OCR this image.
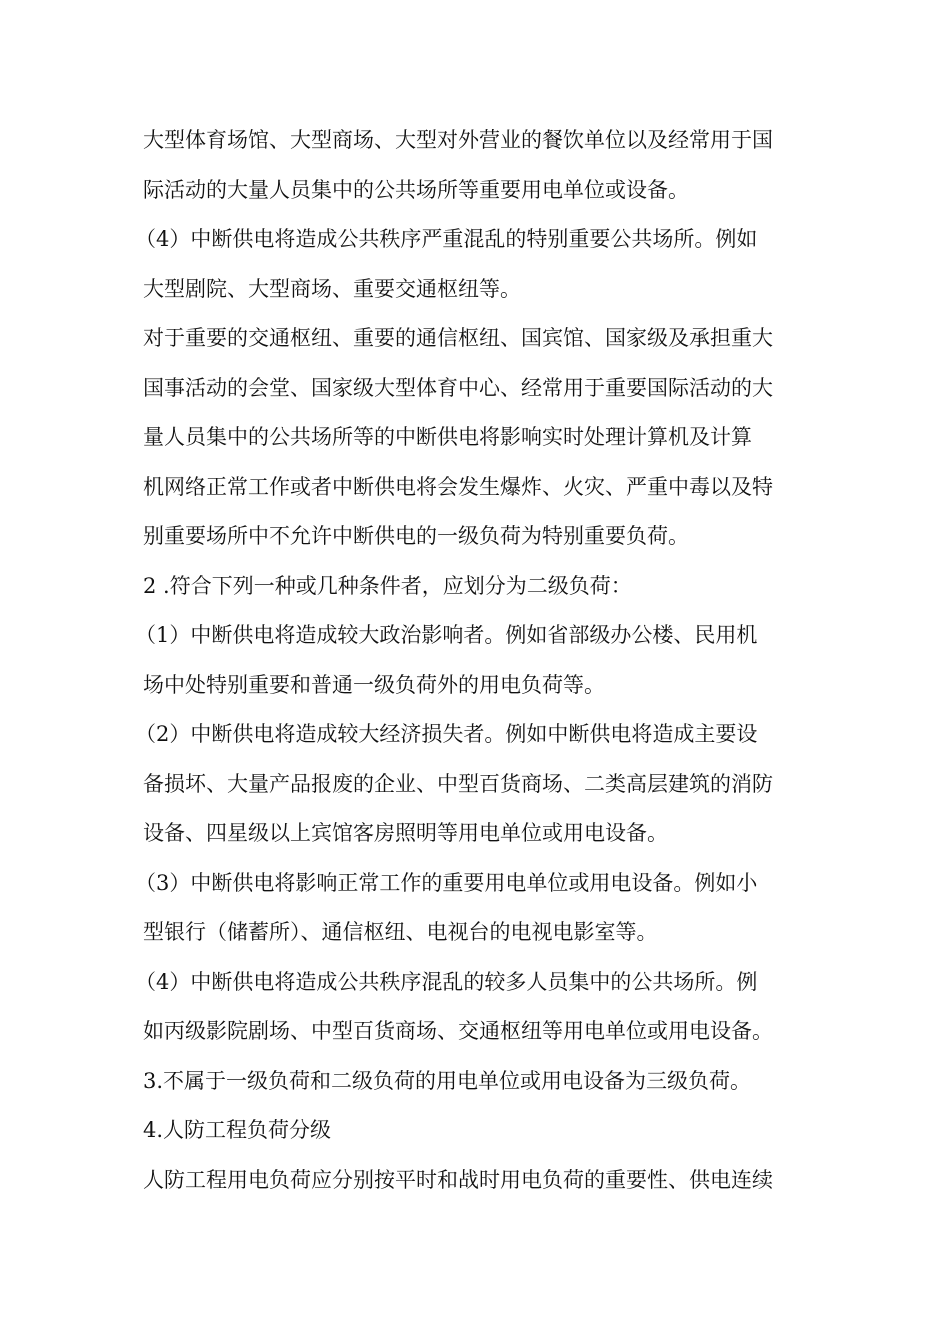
大型体育场馆、大型商场、大型对外营业的餐饮单位以及经常用于国
际活动的大量人员集中的公共场所等重要用电单位或设备。
（4）中断供电将造成公共秩序严重混乱的特别重要公共场所。例如
大型剧院、大型商场、重要交通枢纽等。
对于重要的交通枢纽、重要的通信枢纽、国宾馆、国家级及承担重大
国事活动的会堂、国家级大型体育中心、经常用于重要国际活动的大
量人员集中的公共场所等的中断供电将影响实时处理计算机及计算
机网络正常工作或者中断供电将会发生爆炸、火灾、严重中毒以及特
别重要场所中不允许中断供电的一级负荷为特别重要负荷。
2 .符合下列一种或几种条件者，应划分为二级负荷：
（1）中断供电将造成较大政治影响者。例如省部级办公楼、民用机
场中处特别重要和普通一级负荷外的用电负荷等。
（2）中断供电将造成较大经济损失者。例如中断供电将造成主要设
备损坏、大量产品报废的企业、中型百货商场、二类高层建筑的消防
设备、四星级以上宾馆客房照明等用电单位或用电设备。
（3）中断供电将影响正常工作的重要用电单位或用电设备。例如小
型银行（储蓄所）、通信枢纽、电视台的电视电影室等。
（4）中断供电将造成公共秩序混乱的较多人员集中的公共场所。例
如丙级影院剧场、中型百货商场、交通枢纽等用电单位或用电设备。
3.不属于一级负荷和二级负荷的用电单位或用电设备为三级负荷。
4.人防工程负荷分级
人防工程用电负荷应分别按平时和战时用电负荷的重要性、供电连续
